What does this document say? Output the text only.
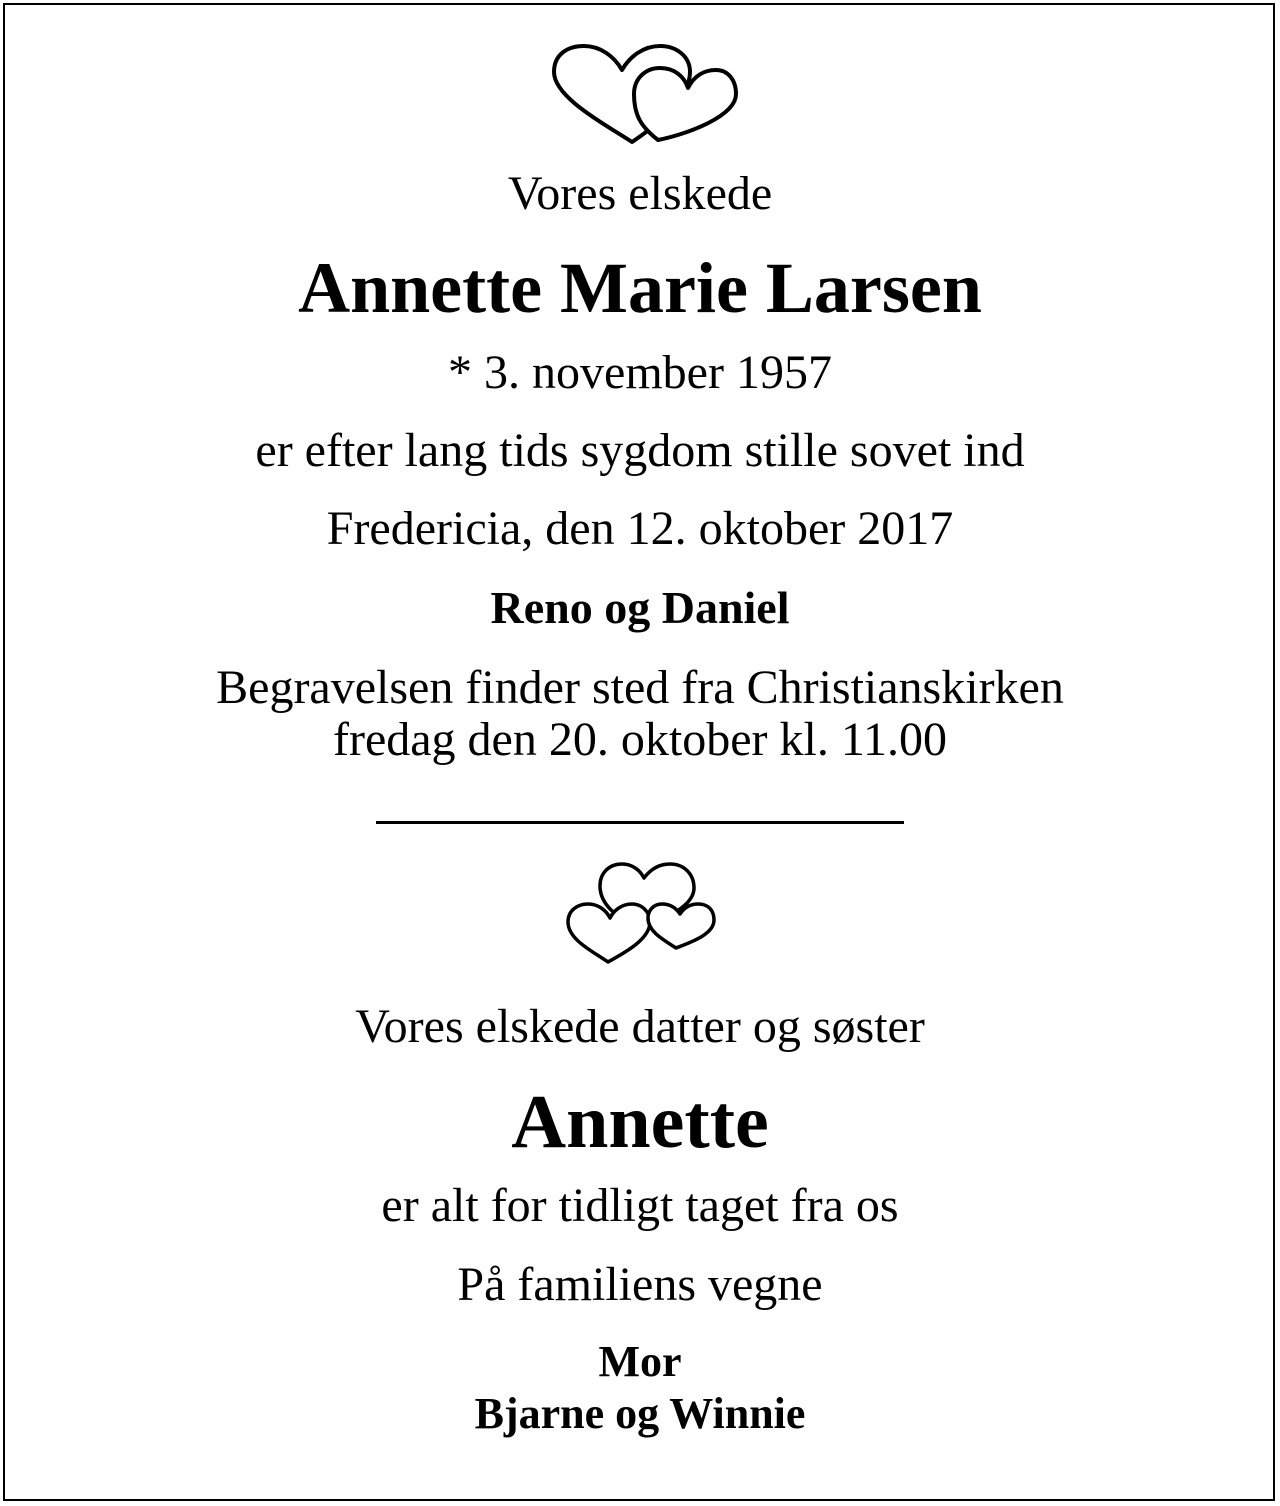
Vores elskede
Annette Marie Larsen
* 3. november 1957
er efter lang tids sygdom stille sovet ind
Fredericia, den 12. oktober 2017
Reno og Daniel
Begravelsen finder sted fra Christianskirken
fredag den 20. oktober kl. 11.00
Vores elskede datter og søster
Annette
er alt for tidligt taget fra os
På familiens vegne
Mor
Bjarne og Winnie
